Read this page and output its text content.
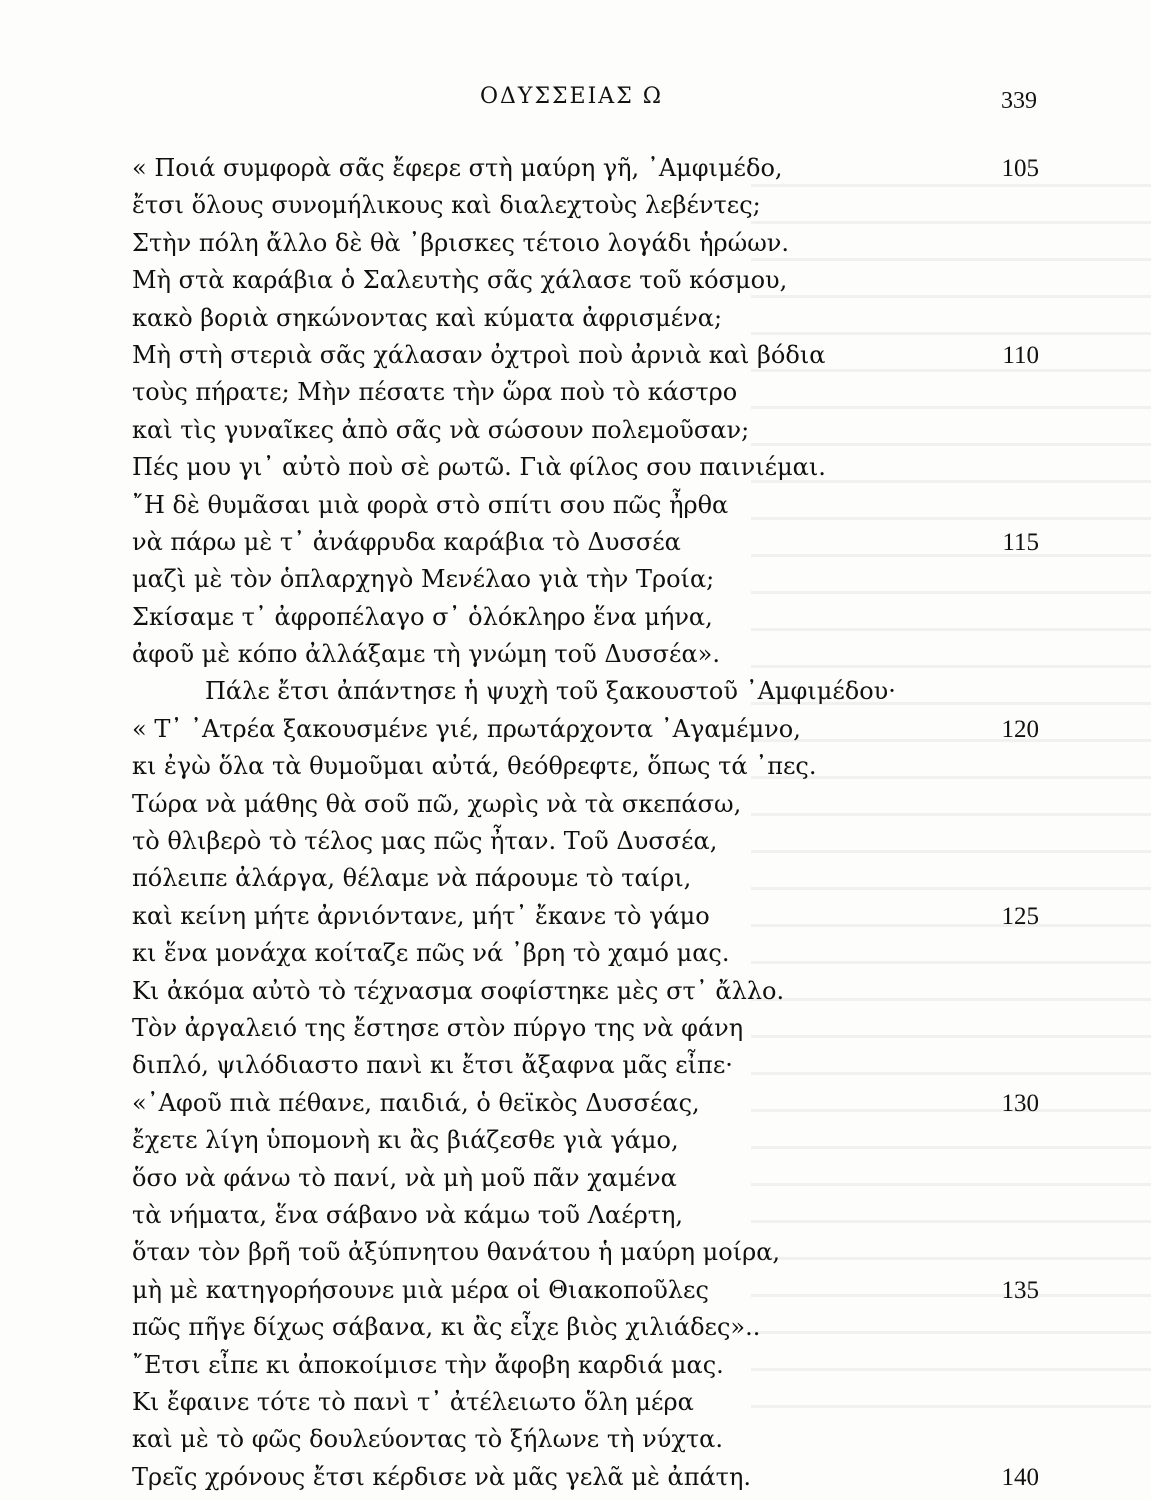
ΟΔΥΣΣΕΙΑΣ Ω	339
« Ποιά συμφορὰ σᾶς ἔφερε στὴ μαύρη γῆ, ᾿Αμφιμέδο,	105
ἔτσι ὅλους συνομήλικους καὶ διαλεχτοὺς λεβέντες;
Στὴν πόλη ἄλλο δὲ θὰ ᾿βρισκες τέτοιο λογάδι ἡρώων.
Μὴ στὰ καράβια ὁ Σαλευτὴς σᾶς χάλασε τοῦ κόσμου,
κακὸ βοριὰ σηκώνοντας καὶ κύματα ἀφρισμένα;
Μὴ στὴ στεριὰ σᾶς χάλασαν ὀχτροὶ ποὺ ἀρνιὰ καὶ βόδια	110
τοὺς πήρατε; Μὴν πέσατε τὴν ὥρα ποὺ τὸ κάστρο
καὶ τὶς γυναῖκες ἀπὸ σᾶς νὰ σώσουν πολεμοῦσαν;
Πές μου γι᾿ αὐτὸ ποὺ σὲ ρωτῶ. Γιὰ φίλος σου παινιέμαι.
῎Η δὲ θυμᾶσαι μιὰ φορὰ στὸ σπίτι σου πῶς ἦρθα
νὰ πάρω μὲ τ᾿ ἀνάφρυδα καράβια τὸ Δυσσέα	115
μαζὶ μὲ τὸν ὁπλαρχηγὸ Μενέλαο γιὰ τὴν Τροία;
Σκίσαμε τ᾿ ἀφροπέλαγο σ᾿ ὁλόκληρο ἕνα μήνα,
ἀφοῦ μὲ κόπο ἀλλάξαμε τὴ γνώμη τοῦ Δυσσέα».
Πάλε ἔτσι ἀπάντησε ἡ ψυχὴ τοῦ ξακουστοῦ ᾿Αμφιμέδου·
« Τ᾿ ᾿Ατρέα ξακουσμένε γιέ, πρωτάρχοντα ᾿Αγαμέμνο,	120
κι ἐγὼ ὅλα τὰ θυμοῦμαι αὐτά, θεόθρεφτε, ὅπως τά ᾿πες.
Τώρα νὰ μάθης θὰ σοῦ πῶ, χωρὶς νὰ τὰ σκεπάσω,
τὸ θλιβερὸ τὸ τέλος μας πῶς ἦταν. Τοῦ Δυσσέα,
πόλειπε ἀλάργα, θέλαμε νὰ πάρουμε τὸ ταίρι,
καὶ κείνη μήτε ἀρνιόντανε, μήτ᾿ ἔκανε τὸ γάμο	125
κι ἕνα μονάχα κοίταζε πῶς νά ᾿βρη τὸ χαμό μας.
Κι ἀκόμα αὐτὸ τὸ τέχνασμα σοφίστηκε μὲς στ᾿ ἄλλο.
Τὸν ἀργαλειό της ἔστησε στὸν πύργο της νὰ φάνη
διπλό, ψιλόδιαστο πανὶ κι ἔτσι ἄξαφνα μᾶς εἶπε·
«᾿Αφοῦ πιὰ πέθανε, παιδιά, ὁ θεϊκὸς Δυσσέας,	130
ἔχετε λίγη ὑπομονὴ κι ἂς βιάζεσθε γιὰ γάμο,
ὅσο νὰ φάνω τὸ πανί, νὰ μὴ μοῦ πᾶν χαμένα
τὰ νήματα, ἕνα σάβανο νὰ κάμω τοῦ Λαέρτη,
ὅταν τὸν βρῆ τοῦ ἀξύπνητου θανάτου ἡ μαύρη μοίρα,
μὴ μὲ κατηγορήσουνε μιὰ μέρα οἱ Θιακοποῦλες	135
πῶς πῆγε δίχως σάβανα, κι ἂς εἶχε βιὸς χιλιάδες»..
῎Ετσι εἶπε κι ἀποκοίμισε τὴν ἄφοβη καρδιά μας.
Κι ἔφαινε τότε τὸ πανὶ τ᾿ ἀτέλειωτο ὅλη μέρα
καὶ μὲ τὸ φῶς δουλεύοντας τὸ ξήλωνε τὴ νύχτα.
Τρεῖς χρόνους ἔτσι κέρδισε νὰ μᾶς γελᾶ μὲ ἀπάτη.	140
